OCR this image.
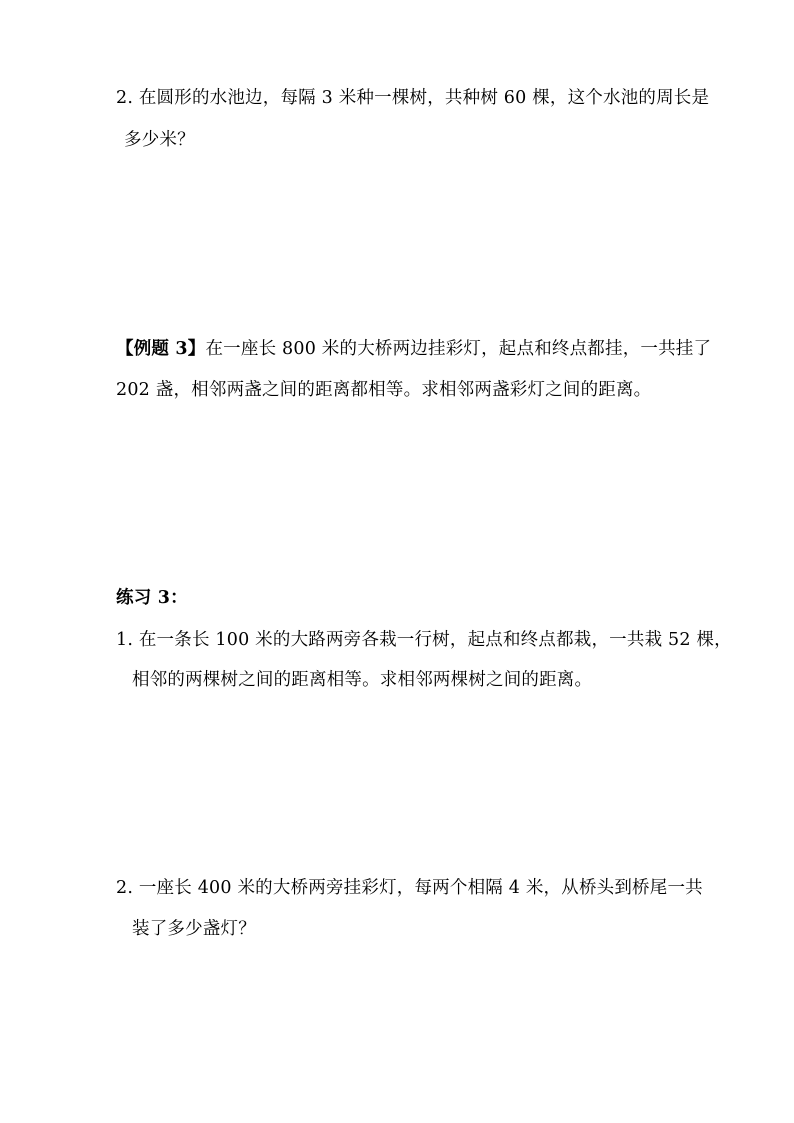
2. 在圆形的水池边，每隔 3 米种一棵树，共种树 60 棵，这个水池的周长是
多少米？
【例题 3】在一座长 800 米的大桥两边挂彩灯，起点和终点都挂，一共挂了
202 盏，相邻两盏之间的距离都相等。求相邻两盏彩灯之间的距离。
练习 3：
1. 在一条长 100 米的大路两旁各栽一行树，起点和终点都栽，一共栽 52 棵，
相邻的两棵树之间的距离相等。求相邻两棵树之间的距离。
2. 一座长 400 米的大桥两旁挂彩灯，每两个相隔 4 米，从桥头到桥尾一共
装了多少盏灯？
